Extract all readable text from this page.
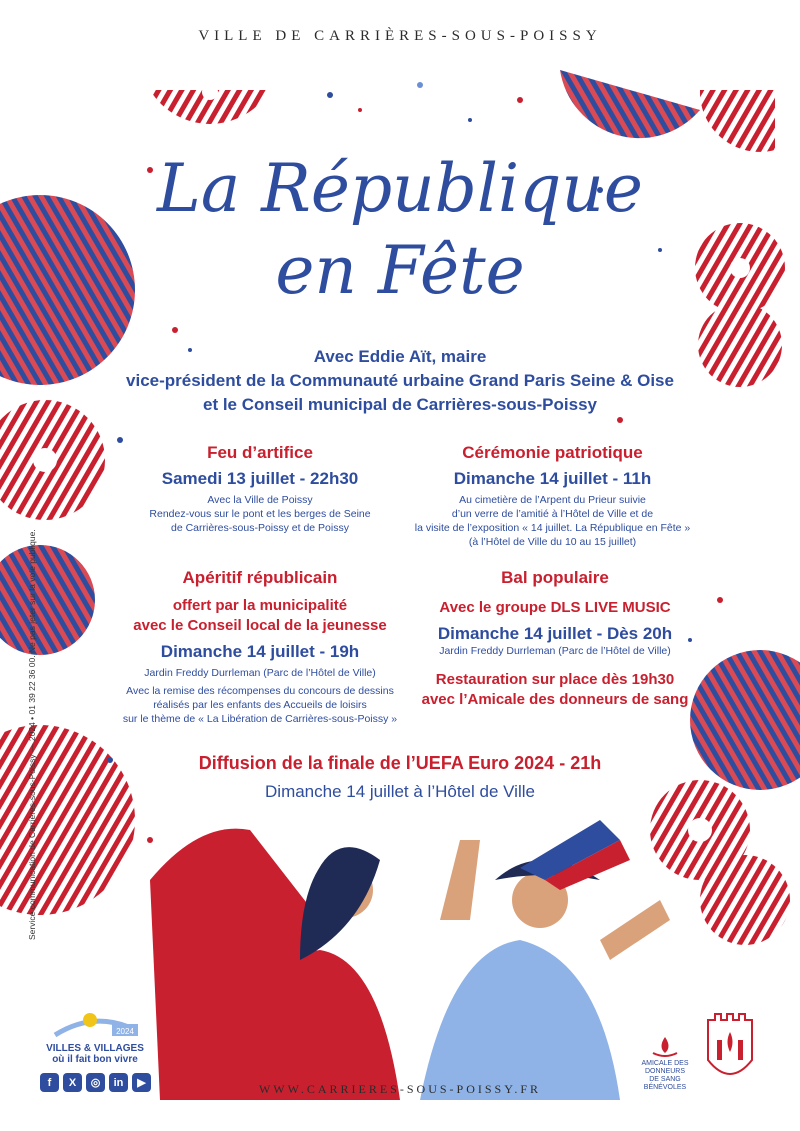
VILLE DE CARRIÈRES-SOUS-POISSY
La République
en Fête
Avec Eddie Aït, maire
vice-président de la Communauté urbaine Grand Paris Seine & Oise
et le Conseil municipal de Carrières-sous-Poissy
Feu d’artifice
Samedi 13 juillet - 22h30
Avec la Ville de Poissy
Rendez-vous sur le pont et les berges de Seine
de Carrières-sous-Poissy et de Poissy
Cérémonie patriotique
Dimanche 14 juillet - 11h
Au cimetière de l’Arpent du Prieur suivie
d’un verre de l’amitié à l’Hôtel de Ville et de
la visite de l’exposition « 14 juillet. La République en Fête »
(à l’Hôtel de Ville du 10 au 15 juillet)
Apéritif républicain
offert par la municipalité
avec le Conseil local de la jeunesse
Dimanche 14 juillet - 19h
Jardin Freddy Durrleman (Parc de l’Hôtel de Ville)
Avec la remise des récompenses du concours de dessins
réalisés par les enfants des Accueils de loisirs
sur le thème de « La Libération de Carrières-sous-Poissy »
Bal populaire
Avec le groupe DLS LIVE MUSIC
Dimanche 14 juillet - Dès 20h
Jardin Freddy Durrleman (Parc de l’Hôtel de Ville)
Restauration sur place dès 19h30
avec l’Amicale des donneurs de sang
Diffusion de la finale de l’UEFA Euro 2024 - 21h
Dimanche 14 juillet à l’Hôtel de Ville
Service communication de Carrières-sous-Poissy — 2024 • 01 39 22 36 00. Ne pas jeter sur la voie publique.
2024
VILLES & VILLAGES
où il fait bon vivre
f	X	◎	in	▶	WWW.CARRIERES-SOUS-POISSY.FR
AMICALE DES DONNEURS
DE SANG BÉNÉVOLES
